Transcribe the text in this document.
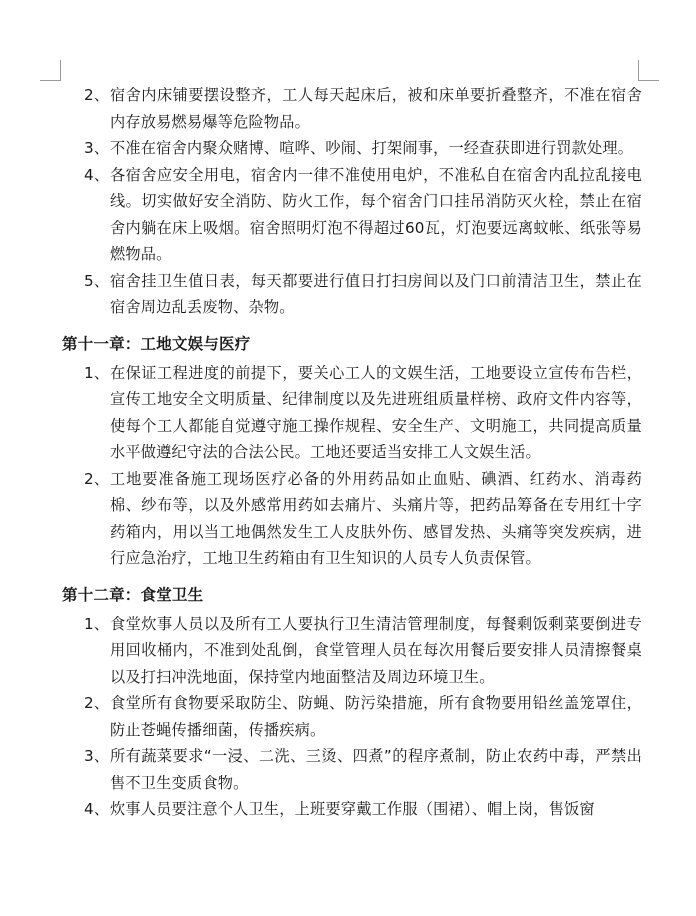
2、 宿舍内床铺要摆设整齐，工人每天起床后，被和床单要折叠整齐，不准在宿舍内存放易燃易爆等危险物品。
3、 不准在宿舍内聚众赌博、喧哗、吵闹、打架闹事，一经查获即进行罚款处理。
4、 各宿舍应安全用电，宿舍内一律不准使用电炉，不准私自在宿舍内乱拉乱接电线。切实做好安全消防、防火工作，每个宿舍门口挂吊消防灭火栓，禁止在宿舍内躺在床上吸烟。宿舍照明灯泡不得超过60瓦，灯泡要远离蚊帐、纸张等易燃物品。
5、 宿舍挂卫生值日表，每天都要进行值日打扫房间以及门口前清洁卫生，禁止在宿舍周边乱丢废物、杂物。
第十一章：工地文娱与医疗
1、 在保证工程进度的前提下，要关心工人的文娱生活，工地要设立宣传布告栏，宣传工地安全文明质量、纪律制度以及先进班组质量样榜、政府文件内容等，使每个工人都能自觉遵守施工操作规程、安全生产、文明施工，共同提高质量水平做遵纪守法的合法公民。工地还要适当安排工人文娱生活。
2、 工地要准备施工现场医疗必备的外用药品如止血贴、碘酒、红药水、消毒药棉、纱布等，以及外感常用药如去痛片、头痛片等，把药品筹备在专用红十字药箱内，用以当工地偶然发生工人皮肤外伤、感冒发热、头痛等突发疾病，进行应急治疗，工地卫生药箱由有卫生知识的人员专人负责保管。
第十二章：食堂卫生
1、 食堂炊事人员以及所有工人要执行卫生清洁管理制度，每餐剩饭剩菜要倒进专用回收桶内，不准到处乱倒，食堂管理人员在每次用餐后要安排人员清擦餐桌以及打扫冲洗地面，保持堂内地面整洁及周边环境卫生。
2、 食堂所有食物要采取防尘、防蝇、防污染措施，所有食物要用铅丝盖笼罩住，防止苍蝇传播细菌，传播疾病。
3、 所有蔬菜要求“一浸、二洗、三烫、四煮”的程序煮制，防止农药中毒，严禁出售不卫生变质食物。
4、 炊事人员要注意个人卫生，上班要穿戴工作服（围裙）、帽上岗，售饭窗
